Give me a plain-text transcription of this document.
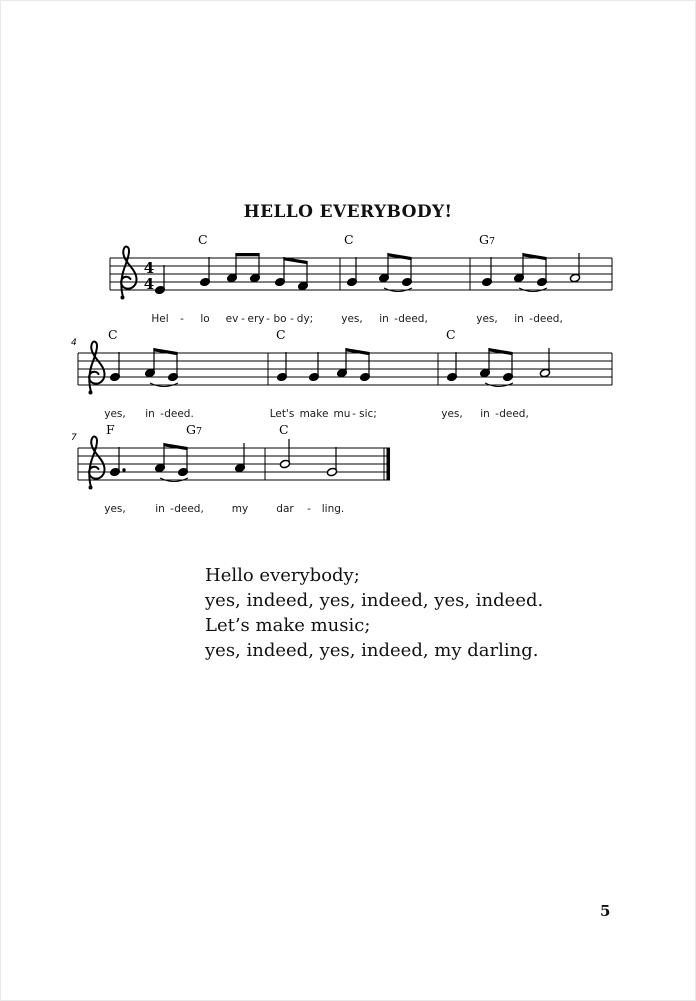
HELLO EVERYBODY!
4
4
C	C	G7
Hel - lo ev - ery - bo - dy;	yes, in - deed,	yes, in - deed,
4
C	C	C
yes, in - deed.	Let's make mu - sic;	yes, in - deed,
7
F	G7	C
yes,	in - deed,	my	dar - ling.
Hello everybody;
yes, indeed, yes, indeed, yes, indeed.
Let’s make music;
yes, indeed, yes, indeed, my darling.
5
